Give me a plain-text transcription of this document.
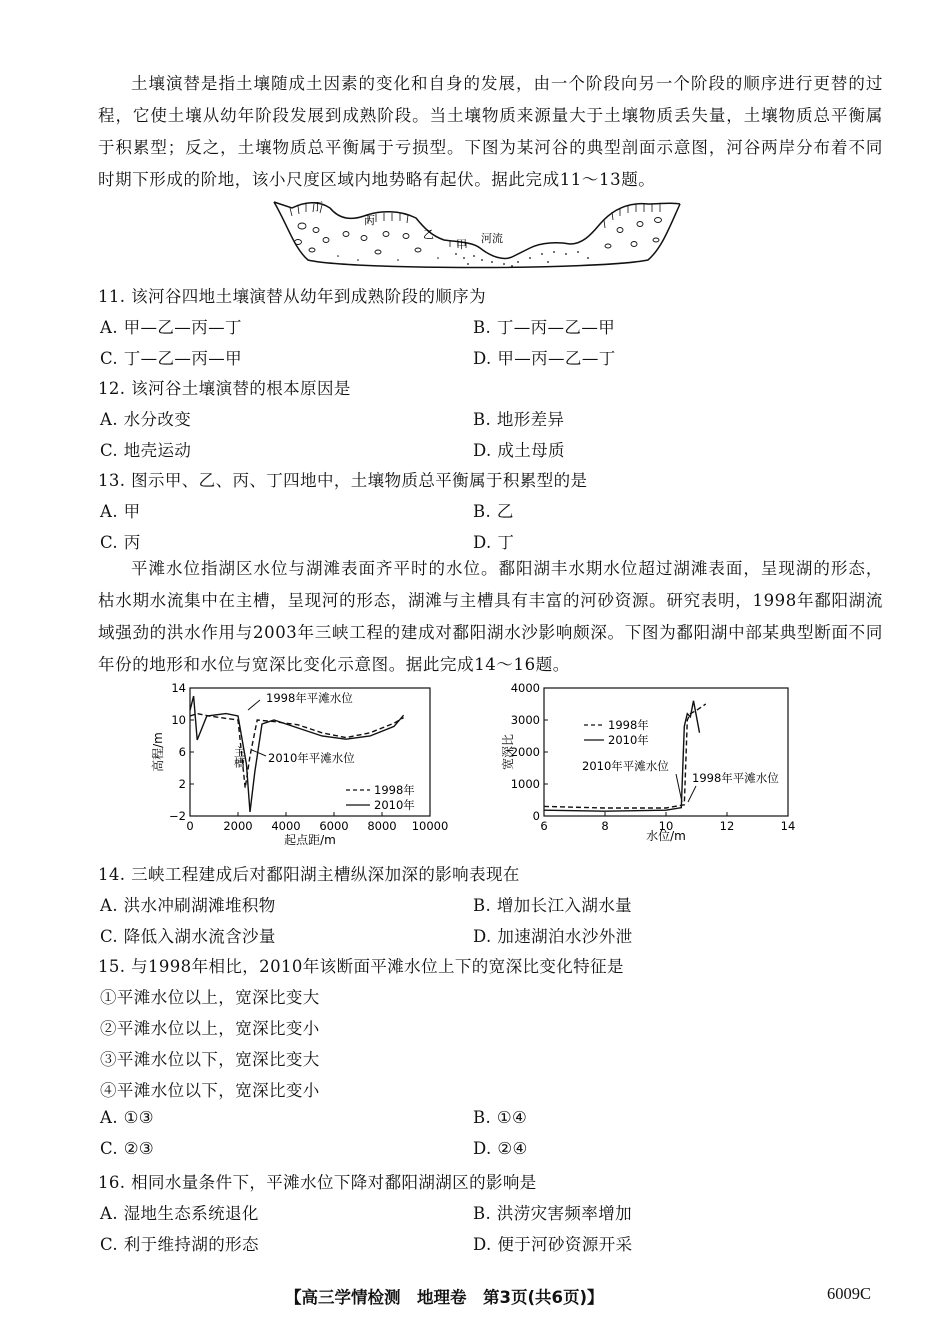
土壤演替是指土壤随成土因素的变化和自身的发展，由一个阶段向另一个阶段的顺序进行更替的过程，它使土壤从幼年阶段发展到成熟阶段。当土壤物质来源量大于土壤物质丢失量，土壤物质总平衡属于积累型；反之，土壤物质总平衡属于亏损型。下图为某河谷的典型剖面示意图，河谷两岸分布着不同时期下形成的阶地，该小尺度区域内地势略有起伏。据此完成11～13题。
丁
丙
乙
甲 河流
11. 该河谷四地土壤演替从幼年到成熟阶段的顺序为
A. 甲—乙—丙—丁	B. 丁—丙—乙—甲
C. 丁—乙—丙—甲	D. 甲—丙—乙—丁
12. 该河谷土壤演替的根本原因是
A. 水分改变	B. 地形差异
C. 地壳运动	D. 成土母质
13. 图示甲、乙、丙、丁四地中，土壤物质总平衡属于积累型的是
A. 甲	B. 乙
C. 丙	D. 丁
平滩水位指湖区水位与湖滩表面齐平时的水位。鄱阳湖丰水期水位超过湖滩表面，呈现湖的形态，枯水期水流集中在主槽，呈现河的形态，湖滩与主槽具有丰富的河砂资源。研究表明，1998年鄱阳湖流域强劲的洪水作用与2003年三峡工程的建成对鄱阳湖水沙影响颇深。下图为鄱阳湖中部某典型断面不同年份的地形和水位与宽深比变化示意图。据此完成14～16题。
14
10
6
2
−2
0	2000 4000 6000 8000 10000
高程/m
起点距/m
1998年平滩水位
2010年平滩水位
主槽
1998年
2010年
4000
3000
2000
1000
0
6	8	10	12	14
宽深比
水位/m
1998年
2010年
2010年平滩水位
1998年平滩水位
14. 三峡工程建成后对鄱阳湖主槽纵深加深的影响表现在
A. 洪水冲刷湖滩堆积物	B. 增加长江入湖水量
C. 降低入湖水流含沙量	D. 加速湖泊水沙外泄
15. 与1998年相比，2010年该断面平滩水位上下的宽深比变化特征是
①平滩水位以上，宽深比变大
②平滩水位以上，宽深比变小
③平滩水位以下，宽深比变大
④平滩水位以下，宽深比变小
A. ①③	B. ①④
C. ②③	D. ②④
16. 相同水量条件下，平滩水位下降对鄱阳湖湖区的影响是
A. 湿地生态系统退化	B. 洪涝灾害频率增加
C. 利于维持湖的形态	D. 便于河砂资源开采
【高三学情检测　地理卷　第3页(共6页)】	6009C
